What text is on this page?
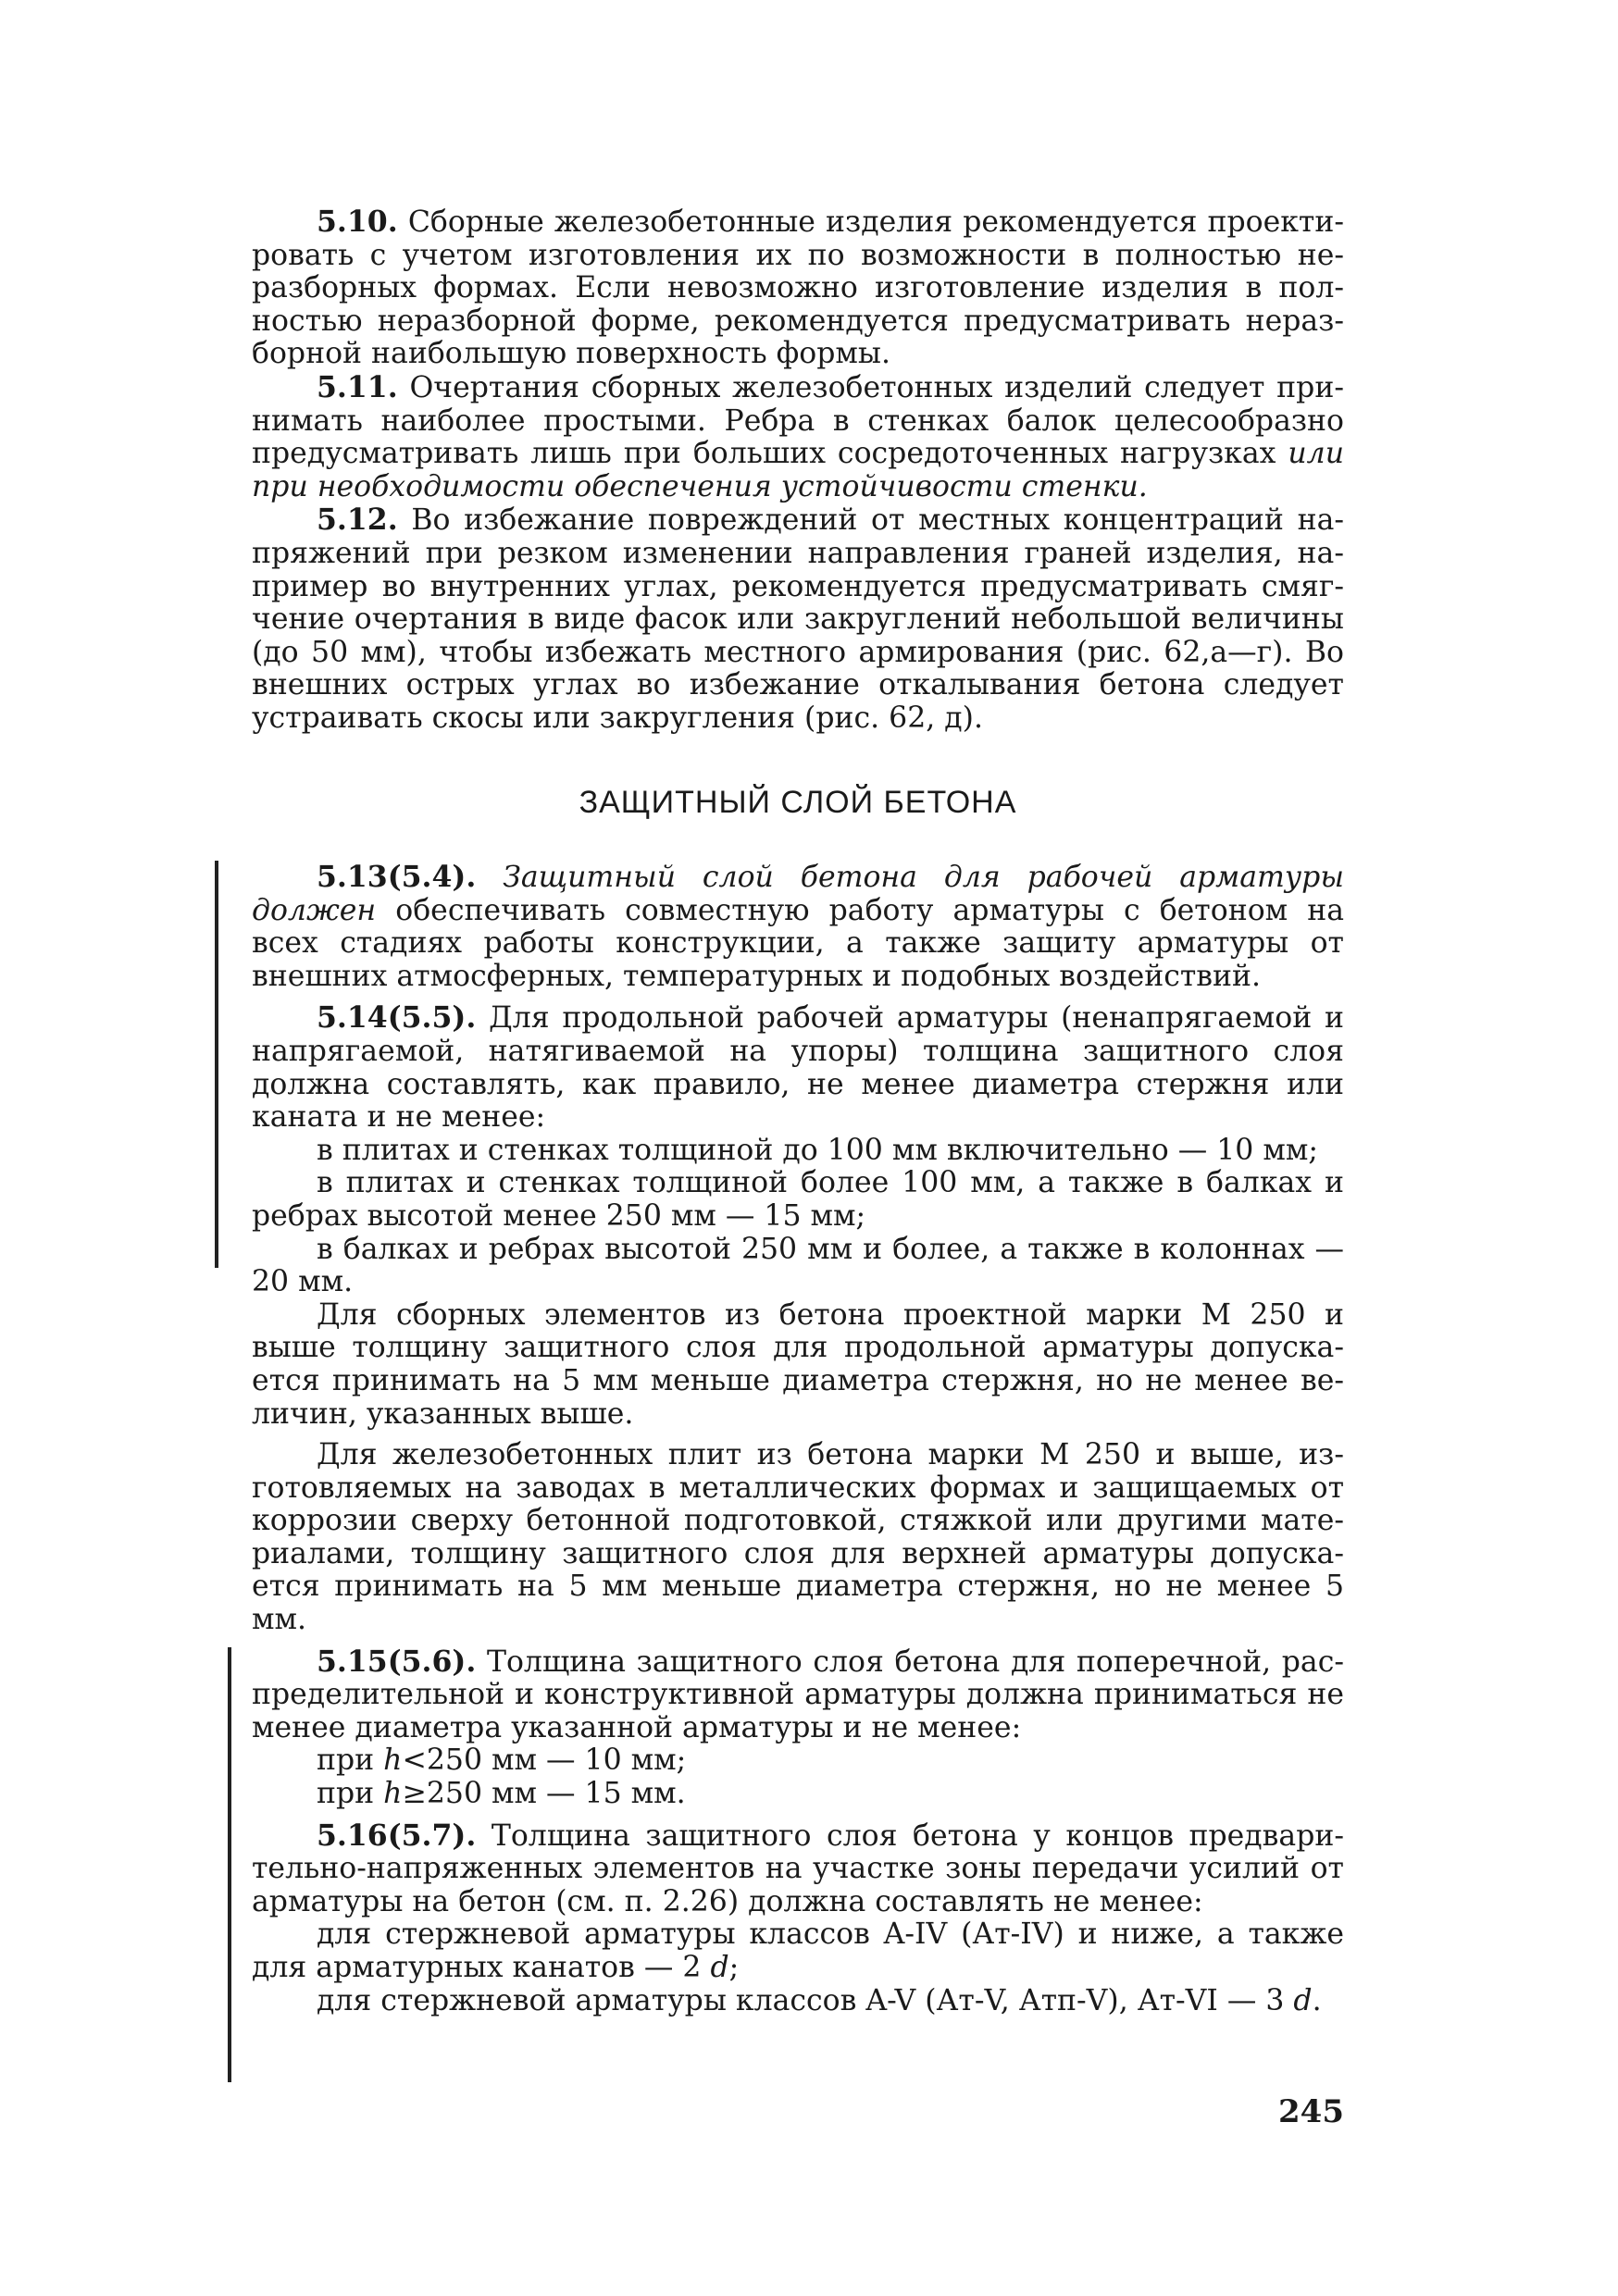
5.10. Сборные железобетонные изделия рекомендуется проектировать с учетом изготовления их по возможности в полностью неразборных формах. Если невозможно изготовление изделия в полностью неразборной форме, рекомендуется предусматривать неразборной наибольшую поверхность формы.

5.11. Очертания сборных железобетонных изделий следует принимать наиболее простыми. Ребра в стенках балок целесообразно предусматривать лишь при больших сосредоточенных нагрузках или при необходимости обеспечения устойчивости стенки.

5.12. Во избежание повреждений от местных концентраций напряжений при резком изменении направления граней изделия, например во внутренних углах, рекомендуется предусматривать смягчение очертания в виде фасок или закруглений небольшой величины (до 50 мм), чтобы избежать местного армирования (рис. 62,а—г). Во внешних острых углах во избежание откалывания бетона следует устраивать скосы или закругления (рис. 62, д).

ЗАЩИТНЫЙ СЛОЙ БЕТОНА

5.13(5.4). Защитный слой бетона для рабочей арматуры должен обеспечивать совместную работу арматуры с бетоном на всех стадиях работы конструкции, а также защиту арматуры от внешних атмосферных, температурных и подобных воздействий.

5.14(5.5). Для продольной рабочей арматуры (ненапрягаемой и напрягаемой, натягиваемой на упоры) толщина защитного слоя должна составлять, как правило, не менее диаметра стержня или каната и не менее:

в плитах и стенках толщиной до 100 мм включительно — 10 мм;

в плитах и стенках толщиной более 100 мм, а также в балках и ребрах высотой менее 250 мм — 15 мм;

в балках и ребрах высотой 250 мм и более, а также в колоннах — 20 мм.

Для сборных элементов из бетона проектной марки М 250 и выше толщину защитного слоя для продольной арматуры допускается принимать на 5 мм меньше диаметра стержня, но не менее величин, указанных выше.

Для железобетонных плит из бетона марки М 250 и выше, изготовляемых на заводах в металлических формах и защищаемых от коррозии сверху бетонной подготовкой, стяжкой или другими материалами, толщину защитного слоя для верхней арматуры допускается принимать на 5 мм меньше диаметра стержня, но не менее 5 мм.

5.15(5.6). Толщина защитного слоя бетона для поперечной, распределительной и конструктивной арматуры должна приниматься не менее диаметра указанной арматуры и не менее:

при h<250 мм — 10 мм;

при h≥250 мм — 15 мм.

5.16(5.7). Толщина защитного слоя бетона у концов предварительно-напряженных элементов на участке зоны передачи усилий от арматуры на бетон (см. п. 2.26) должна составлять не менее:

для стержневой арматуры классов A-IV (Ат-IV) и ниже, а также для арматурных канатов — 2 d;

для стержневой арматуры классов A-V (Ат-V, Атп-V), Ат-VI — 3 d.

245
